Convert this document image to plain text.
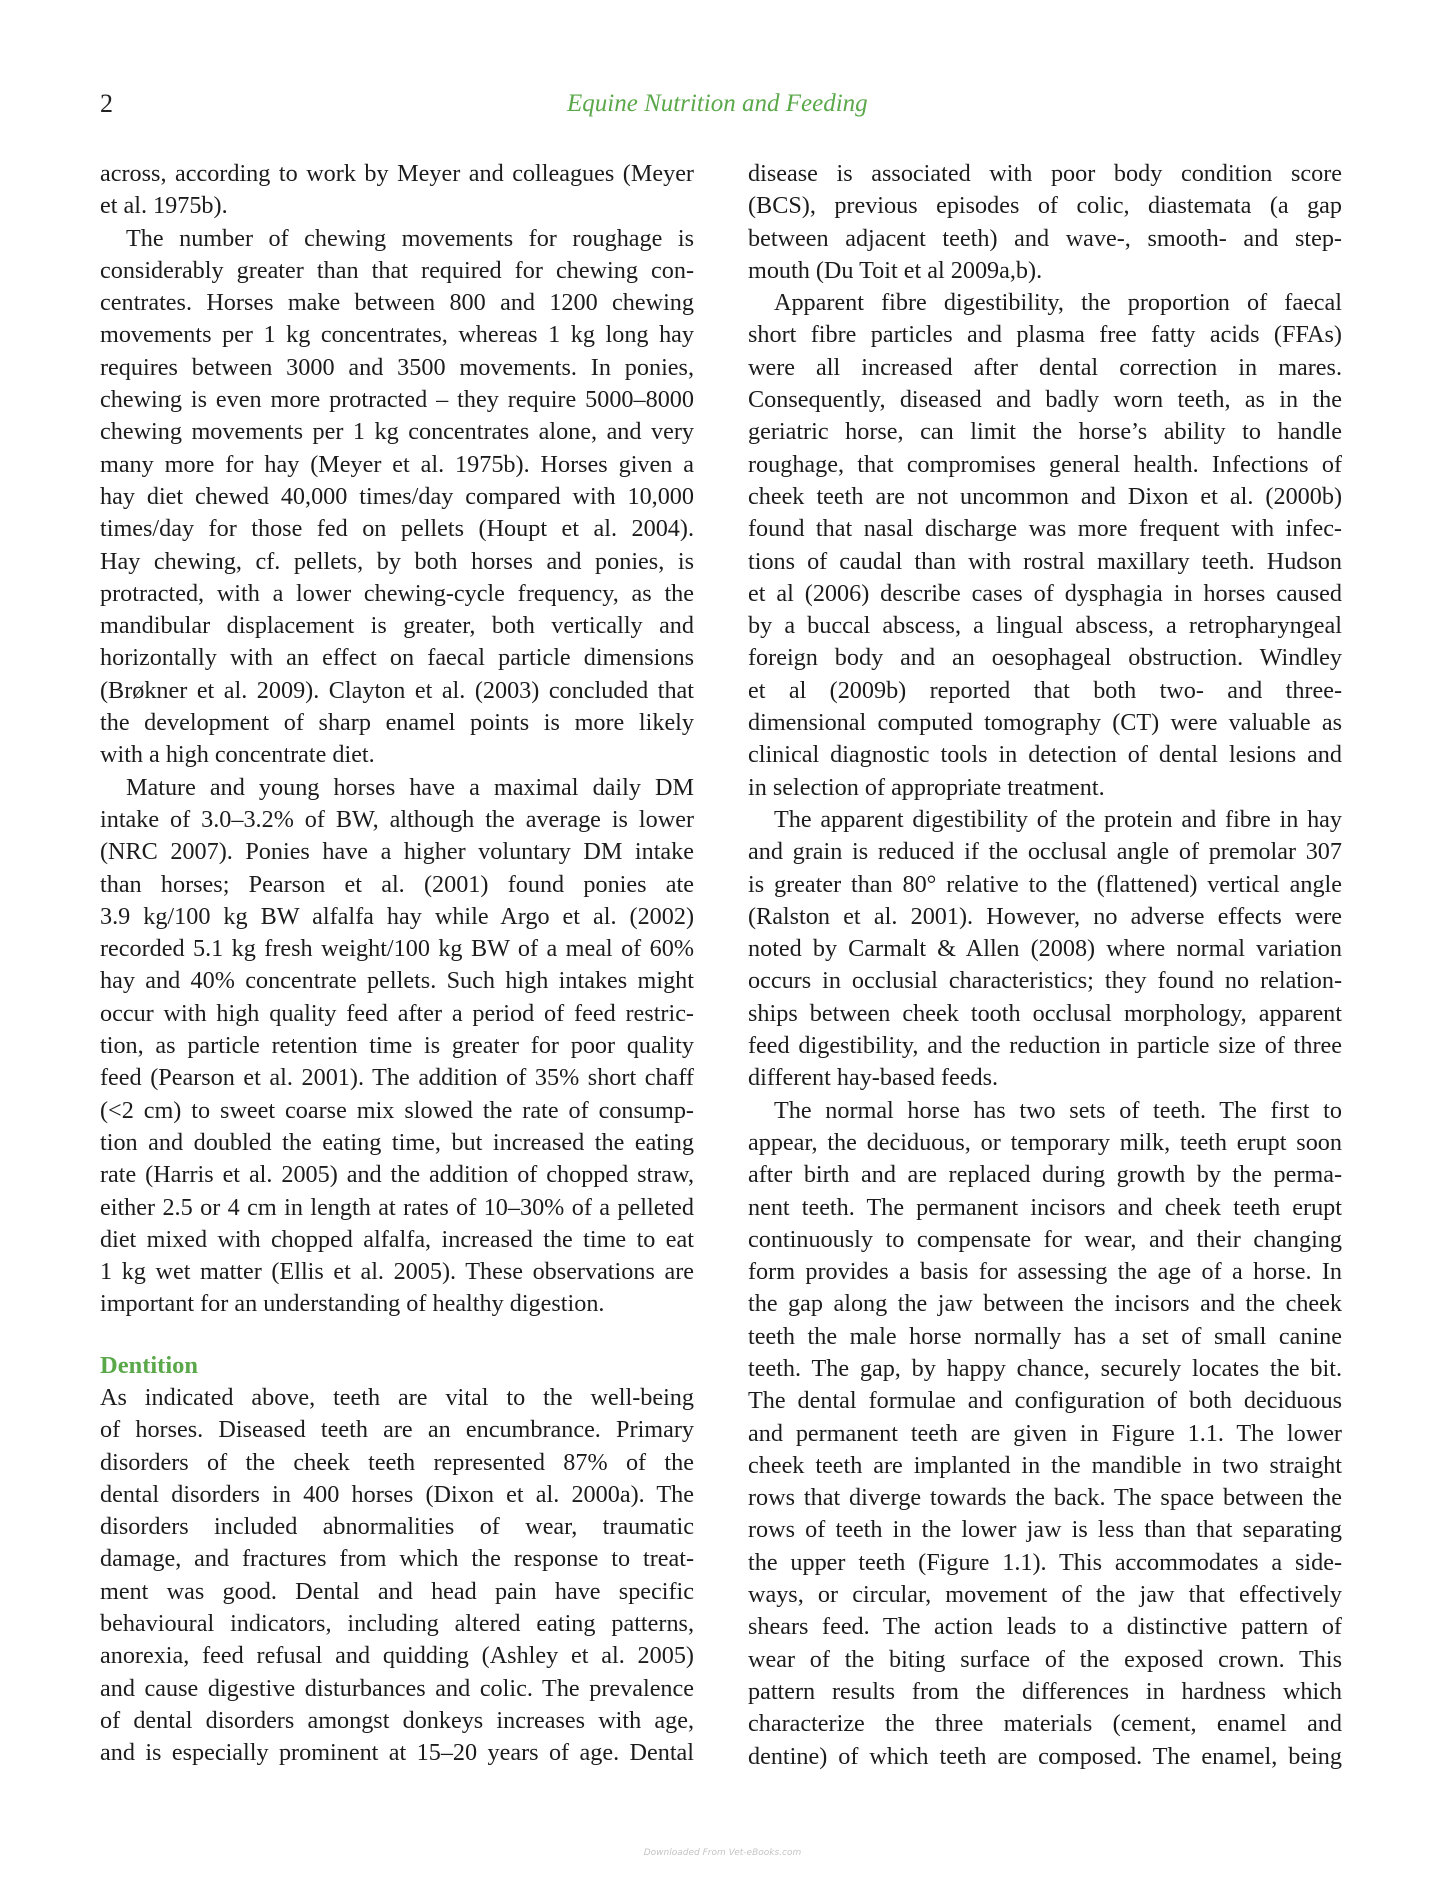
2	Equine Nutrition and Feeding
across, according to work by Meyer and colleagues (Meyer
et al. 1975b).
The number of chewing movements for roughage is
considerably greater than that required for chewing con-
centrates. Horses make between 800 and 1200 chewing
movements per 1 kg concentrates, whereas 1 kg long hay
requires between 3000 and 3500 movements. In ponies,
chewing is even more protracted – they require 5000–8000
chewing movements per 1 kg concentrates alone, and very
many more for hay (Meyer et al. 1975b). Horses given a
hay diet chewed 40,000 times/day compared with 10,000
times/day for those fed on pellets (Houpt et al. 2004).
Hay chewing, cf. pellets, by both horses and ponies, is
protracted, with a lower chewing-cycle frequency, as the
mandibular displacement is greater, both vertically and
horizontally with an effect on faecal particle dimensions
(Brøkner et al. 2009). Clayton et al. (2003) concluded that
the development of sharp enamel points is more likely
with a high concentrate diet.
Mature and young horses have a maximal daily DM
intake of 3.0–3.2% of BW, although the average is lower
(NRC 2007). Ponies have a higher voluntary DM intake
than horses; Pearson et al. (2001) found ponies ate
3.9 kg/100 kg BW alfalfa hay while Argo et al. (2002)
recorded 5.1 kg fresh weight/100 kg BW of a meal of 60%
hay and 40% concentrate pellets. Such high intakes might
occur with high quality feed after a period of feed restric-
tion, as particle retention time is greater for poor quality
feed (Pearson et al. 2001). The addition of 35% short chaff
(<2 cm) to sweet coarse mix slowed the rate of consump-
tion and doubled the eating time, but increased the eating
rate (Harris et al. 2005) and the addition of chopped straw,
either 2.5 or 4 cm in length at rates of 10–30% of a pelleted
diet mixed with chopped alfalfa, increased the time to eat
1 kg wet matter (Ellis et al. 2005). These observations are
important for an understanding of healthy digestion.
Dentition
As indicated above, teeth are vital to the well-being
of horses. Diseased teeth are an encumbrance. Primary
disorders of the cheek teeth represented 87% of the
dental disorders in 400 horses (Dixon et al. 2000a). The
disorders included abnormalities of wear, traumatic
damage, and fractures from which the response to treat-
ment was good. Dental and head pain have specific
behavioural indicators, including altered eating patterns,
anorexia, feed refusal and quidding (Ashley et al. 2005)
and cause digestive disturbances and colic. The prevalence
of dental disorders amongst donkeys increases with age,
and is especially prominent at 15–20 years of age. Dental
disease is associated with poor body condition score
(BCS), previous episodes of colic, diastemata (a gap
between adjacent teeth) and wave-, smooth- and step-
mouth (Du Toit et al 2009a,b).
Apparent fibre digestibility, the proportion of faecal
short fibre particles and plasma free fatty acids (FFAs)
were all increased after dental correction in mares.
Consequently, diseased and badly worn teeth, as in the
geriatric horse, can limit the horse’s ability to handle
roughage, that compromises general health. Infections of
cheek teeth are not uncommon and Dixon et al. (2000b)
found that nasal discharge was more frequent with infec-
tions of caudal than with rostral maxillary teeth. Hudson
et al (2006) describe cases of dysphagia in horses caused
by a buccal abscess, a lingual abscess, a retropharyngeal
foreign body and an oesophageal obstruction. Windley
et al (2009b) reported that both two- and three-
dimensional computed tomography (CT) were valuable as
clinical diagnostic tools in detection of dental lesions and
in selection of appropriate treatment.
The apparent digestibility of the protein and fibre in hay
and grain is reduced if the occlusal angle of premolar 307
is greater than 80° relative to the (flattened) vertical angle
(Ralston et al. 2001). However, no adverse effects were
noted by Carmalt & Allen (2008) where normal variation
occurs in occlusial characteristics; they found no relation-
ships between cheek tooth occlusal morphology, apparent
feed digestibility, and the reduction in particle size of three
different hay-based feeds.
The normal horse has two sets of teeth. The first to
appear, the deciduous, or temporary milk, teeth erupt soon
after birth and are replaced during growth by the perma-
nent teeth. The permanent incisors and cheek teeth erupt
continuously to compensate for wear, and their changing
form provides a basis for assessing the age of a horse. In
the gap along the jaw between the incisors and the cheek
teeth the male horse normally has a set of small canine
teeth. The gap, by happy chance, securely locates the bit.
The dental formulae and configuration of both deciduous
and permanent teeth are given in Figure 1.1. The lower
cheek teeth are implanted in the mandible in two straight
rows that diverge towards the back. The space between the
rows of teeth in the lower jaw is less than that separating
the upper teeth (Figure 1.1). This accommodates a side-
ways, or circular, movement of the jaw that effectively
shears feed. The action leads to a distinctive pattern of
wear of the biting surface of the exposed crown. This
pattern results from the differences in hardness which
characterize the three materials (cement, enamel and
dentine) of which teeth are composed. The enamel, being
Downloaded From Vet-eBooks.com
